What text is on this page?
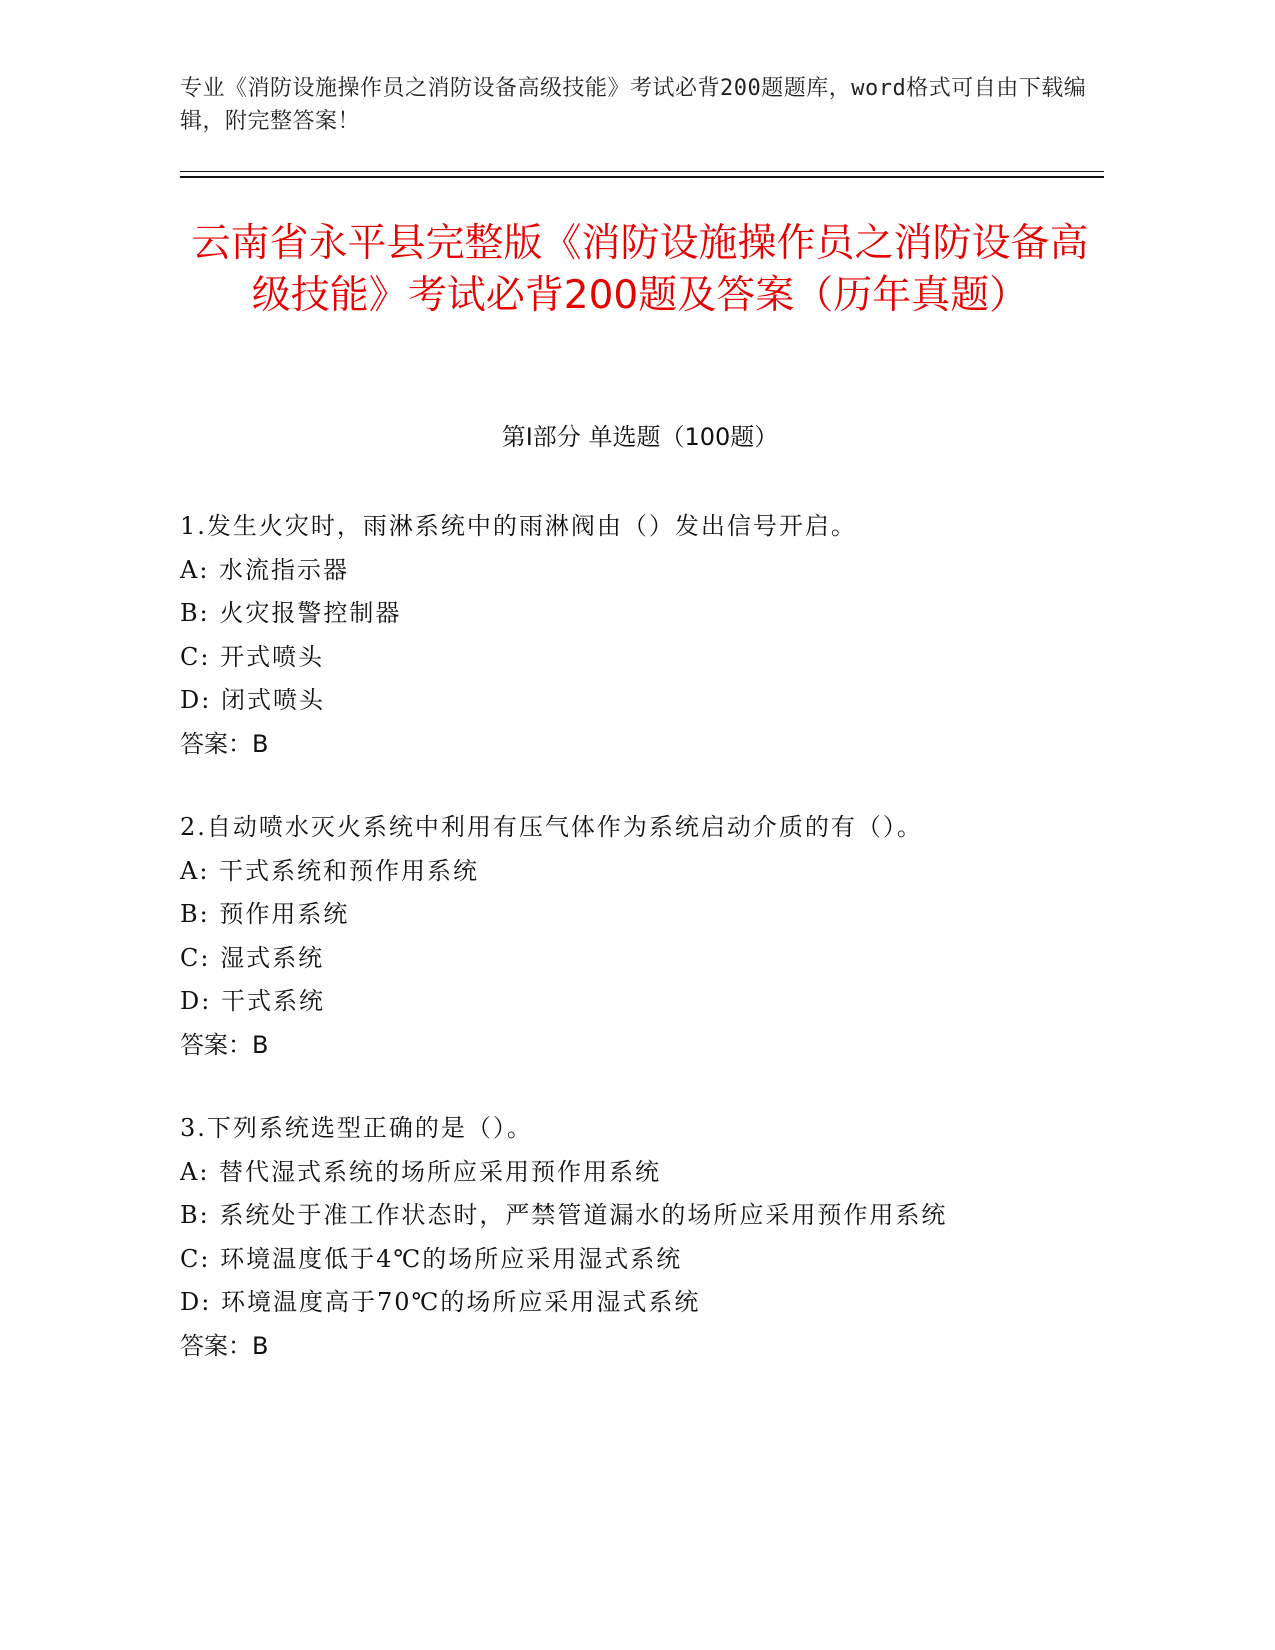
专业《消防设施操作员之消防设备高级技能》考试必背200题题库，word格式可自由下载编辑，附完整答案！
云南省永平县完整版《消防设施操作员之消防设备高级技能》考试必背200题及答案（历年真题）
第I部分 单选题（100题）
1.发生火灾时，雨淋系统中的雨淋阀由（）发出信号开启。
A: 水流指示器
B: 火灾报警控制器
C: 开式喷头
D: 闭式喷头
答案：B
2.自动喷水灭火系统中利用有压气体作为系统启动介质的有（）。
A: 干式系统和预作用系统
B: 预作用系统
C: 湿式系统
D: 干式系统
答案：B
3.下列系统选型正确的是（）。
A: 替代湿式系统的场所应采用预作用系统
B: 系统处于准工作状态时，严禁管道漏水的场所应采用预作用系统
C: 环境温度低于4℃的场所应采用湿式系统
D: 环境温度高于70℃的场所应采用湿式系统
答案：B
